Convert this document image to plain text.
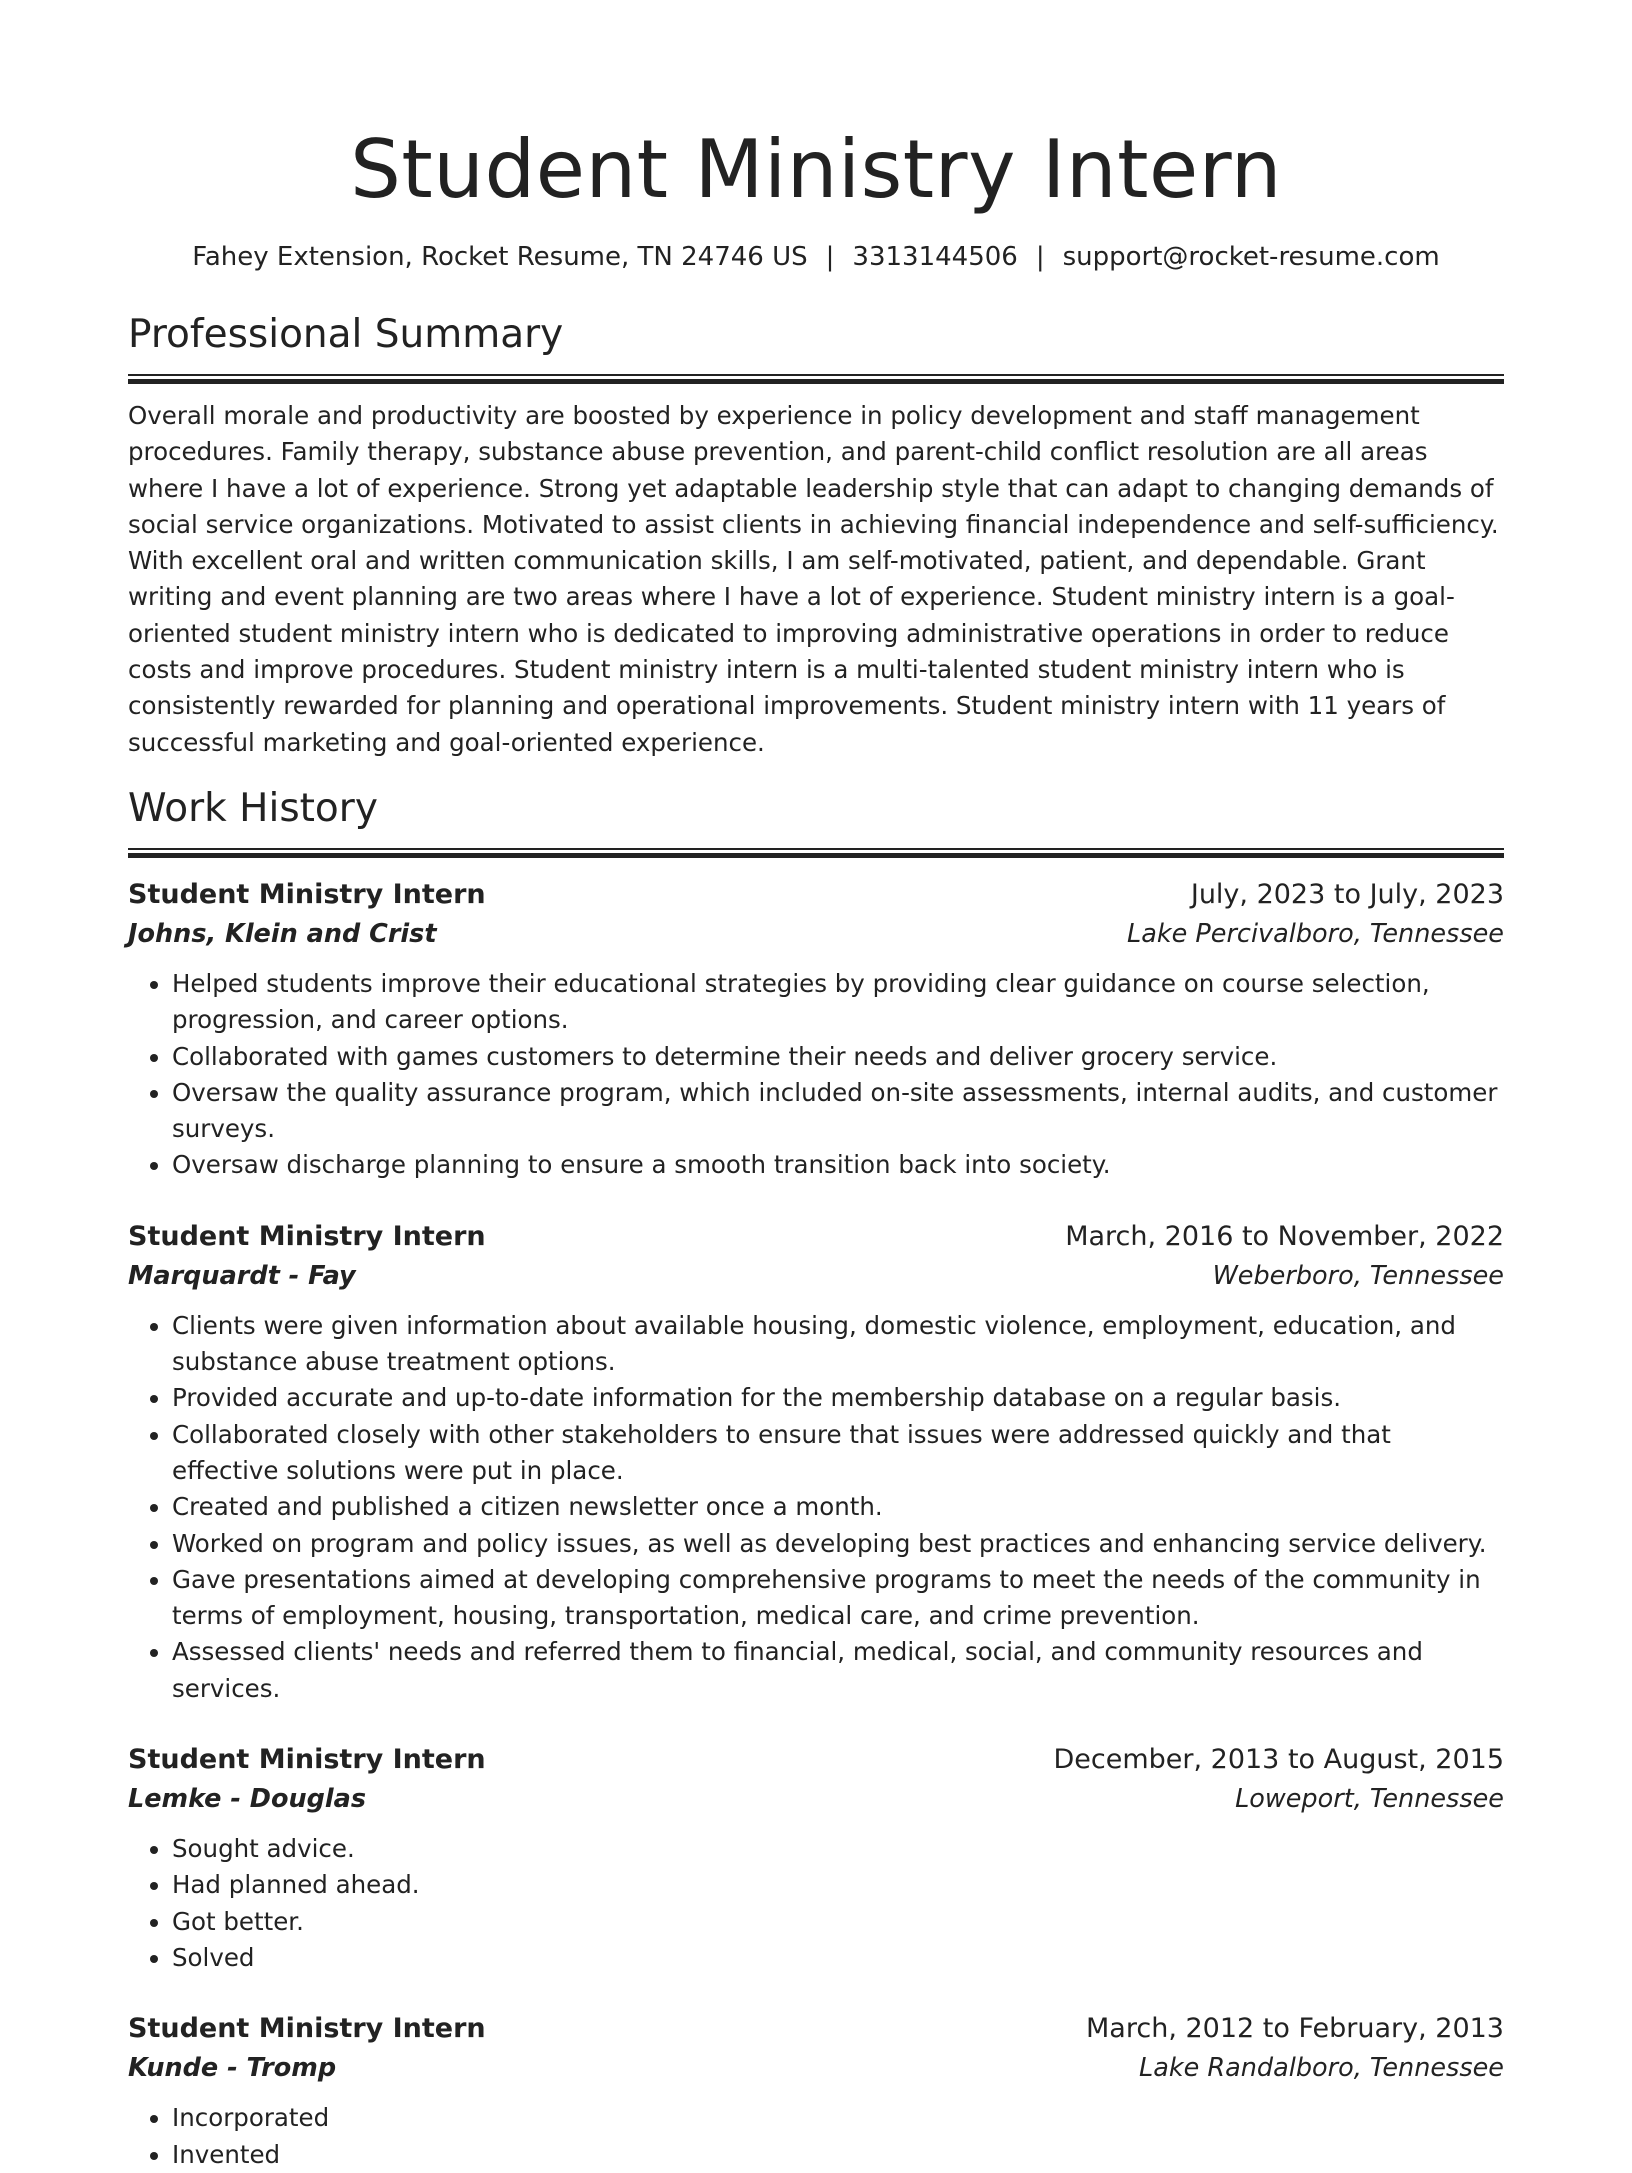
Student Ministry Intern
Fahey Extension, Rocket Resume, TN 24746 US | 3313144506 | support@rocket-resume.com
Professional Summary

Overall morale and productivity are boosted by experience in policy development and staff management procedures. Family therapy, substance abuse prevention, and parent-child conflict resolution are all areas where I have a lot of experience. Strong yet adaptable leadership style that can adapt to changing demands of social service organizations. Motivated to assist clients in achieving financial independence and self-sufficiency. With excellent oral and written communication skills, I am self-motivated, patient, and dependable. Grant writing and event planning are two areas where I have a lot of experience. Student ministry intern is a goal-oriented student ministry intern who is dedicated to improving administrative operations in order to reduce costs and improve procedures. Student ministry intern is a multi-talented student ministry intern who is consistently rewarded for planning and operational improvements. Student ministry intern with 11 years of successful marketing and goal-oriented experience.

Work History
Student Ministry Intern	July, 2023 to July, 2023
Johns, Klein and Crist	Lake Percivalboro, Tennessee
• Helped students improve their educational strategies by providing clear guidance on course selection, progression, and career options.
• Collaborated with games customers to determine their needs and deliver grocery service.
• Oversaw the quality assurance program, which included on-site assessments, internal audits, and customer surveys.
• Oversaw discharge planning to ensure a smooth transition back into society.
Student Ministry Intern	March, 2016 to November, 2022
Marquardt - Fay	Weberboro, Tennessee
• Clients were given information about available housing, domestic violence, employment, education, and substance abuse treatment options.
• Provided accurate and up-to-date information for the membership database on a regular basis.
• Collaborated closely with other stakeholders to ensure that issues were addressed quickly and that effective solutions were put in place.
• Created and published a citizen newsletter once a month.
• Worked on program and policy issues, as well as developing best practices and enhancing service delivery.
• Gave presentations aimed at developing comprehensive programs to meet the needs of the community in terms of employment, housing, transportation, medical care, and crime prevention.
• Assessed clients' needs and referred them to financial, medical, social, and community resources and services.
Student Ministry Intern	December, 2013 to August, 2015
Lemke - Douglas	Loweport, Tennessee
• Sought advice.
• Had planned ahead.
• Got better.
• Solved
Student Ministry Intern	March, 2012 to February, 2013
Kunde - Tromp	Lake Randalboro, Tennessee
• Incorporated
• Invented
